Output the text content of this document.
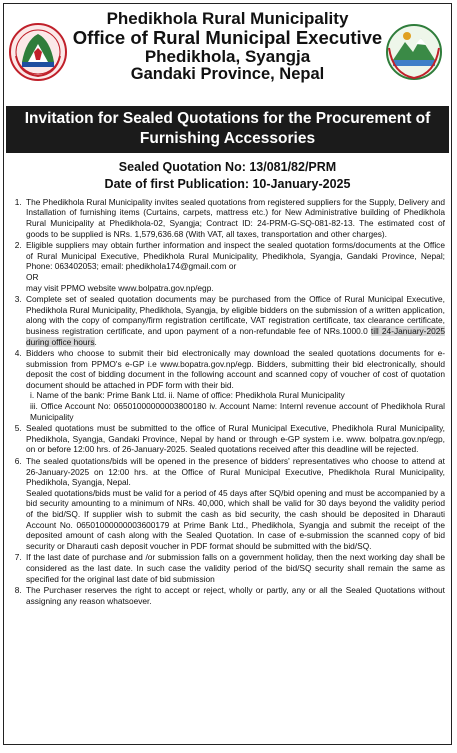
Phedikhola Rural Municipality

Office of Rural Municipal Executive

Phedikhola, Syangja

Gandaki Province, Nepal

Invitation for Sealed Quotations for the Procurement of Furnishing Accessories
Sealed Quotation No: 13/081/82/PRM
Date of first Publication: 10-January-2025
1. The Phedikhola Rural Municipality invites sealed quotations from registered suppliers for the Supply, Delivery and Installation of furnishing items (Curtains, carpets, mattress etc.) for New Administrative building of Phedikhola Rural Municipality at Phedikhola-02, Syangja; Contract ID: 24-PRM-G-SQ-081-82-13. The estimated cost of goods to be supplied is NRs. 1,579,636.68 (With VAT, all taxes, transportation and other charges).
2. Eligible suppliers may obtain further information and inspect the sealed quotation forms/documents at the Office of Rural Municipal Executive, Phedikhola Rural Municipality, Phedikhola, Syangja, Gandaki Province, Nepal; Phone: 063402053; email: phedikhola174@gmail.com or
OR
may visit PPMO website www.bolpatra.gov.np/egp.
3. Complete set of sealed quotation documents may be purchased from the Office of Rural Municipal Executive, Phedikhola Rural Municipality, Phedikhola, Syangja, by eligible bidders on the submission of a written application, along with the copy of company/firm registration certificate, VAT registration certificate, tax clearance certificate, business registration certificate, and upon payment of a non-refundable fee of NRs.1000.0 till 24-January-2025 during office hours.
4. Bidders who choose to submit their bid electronically may download the sealed quotations documents for e-submission from PPMO's e-GP i.e www.bopatra.gov.np/egp. Bidders, submitting their bid electronically, should deposit the cost of bidding document in the following account and scanned copy of voucher of cost of quotation document should be attached in PDF form with their bid.
i. Name of the bank: Prime Bank Ltd. ii. Name of office: Phedikhola Rural Municipality
iii. Office Account No: 06501000000003800180 iv. Account Name: Internl revenue account of Phedikhola Rural Municipality
5. Sealed quotations must be submitted to the office of Rural Municipal Executive, Phedikhola Rural Municipality, Phedikhola, Syangja, Gandaki Province, Nepal by hand or through e-GP system i.e. www. bolpatra.gov.np/egp, on or before 12:00 hrs. of 26-January-2025. Sealed quotations received after this deadline will be rejected.
6. The sealed quotations/bids will be opened in the presence of bidders' representatives who choose to attend at 26-January-2025 on 12:00 hrs. at the Office of Rural Municipal Executive, Phedikhola Rural Municipality, Phedikhola, Syangja, Nepal.
Sealed quotations/bids must be valid for a period of 45 days after SQ/bid opening and must be accompanied by a bid security amounting to a minimum of NRs. 40,000, which shall be valid for 30 days beyond the validity period of the bid/SQ. If supplier wish to submit the cash as bid security, the cash should be deposited in Dharauti Account No. 06501000000003600179 at Prime Bank Ltd., Phedikhola, Syangja and submit the receipt of the deposited amount of cash along with the Sealed Quotation. In case of e-submission the scanned copy of bid security or Dharauti cash deposit voucher in PDF format should be submitted with the bid/SQ.
7. If the last date of purchase and /or submission falls on a government holiday, then the next working day shall be considered as the last date. In such case the validity period of the bid/SQ security shall remain the same as specified for the original last date of bid submission
8. The Purchaser reserves the right to accept or reject, wholly or partly, any or all the Sealed Quotations without assigning any reason whatsoever.
